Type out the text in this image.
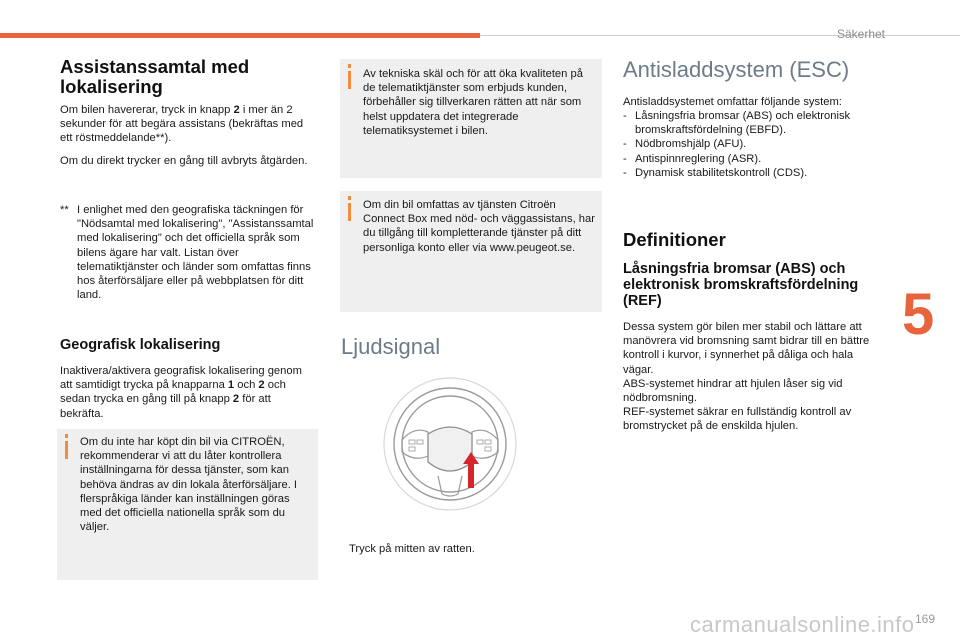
Säkerhet
5
carmanualsonline.info 169
Assistanssamtal med lokalisering
Om bilen havererar, tryck in knapp 2 i mer än 2 sekunder för att begära assistans (bekräftas med ett röstmeddelande**).
Om du direkt trycker en gång till avbryts åtgärden.
** I enlighet med den geografiska täckningen för "Nödsamtal med lokalisering", "Assistanssamtal med lokalisering" och det officiella språk som bilens ägare har valt. Listan över telematiktjänster och länder som omfattas finns hos återförsäljare eller på webbplatsen för ditt land.
Geografisk lokalisering
Inaktivera/aktivera geografisk lokalisering genom att samtidigt trycka på knapparna 1 och 2 och sedan trycka en gång till på knapp 2 för att bekräfta.
Om du inte har köpt din bil via CITROËN, rekommenderar vi att du låter kontrollera inställningarna för dessa tjänster, som kan behöva ändras av din lokala återförsäljare. I flerspråkiga länder kan inställningen göras med det officiella nationella språk som du väljer.
Av tekniska skäl och för att öka kvaliteten på de telematiktjänster som erbjuds kunden, förbehåller sig tillverkaren rätten att när som helst uppdatera det integrerade telematiksystemet i bilen.
Om din bil omfattas av tjänsten Citroën Connect Box med nöd- och väggassistans, har du tillgång till kompletterande tjänster på ditt personliga konto eller via www.peugeot.se.
Ljudsignal
Tryck på mitten av ratten.
Antisladdsystem (ESC)
Antisladdsystemet omfattar följande system:
- Låsningsfria bromsar (ABS) och elektronisk bromskraftsfördelning (EBFD).
- Nödbromshjälp (AFU).
- Antispinnreglering (ASR).
- Dynamisk stabilitetskontroll (CDS).
Definitioner
Låsningsfria bromsar (ABS) och elektronisk bromskraftsfördelning (REF)
Dessa system gör bilen mer stabil och lättare att manövrera vid bromsning samt bidrar till en bättre kontroll i kurvor, i synnerhet på dåliga och hala vägar.
ABS-systemet hindrar att hjulen låser sig vid nödbromsning.
REF-systemet säkrar en fullständig kontroll av bromstrycket på de enskilda hjulen.
